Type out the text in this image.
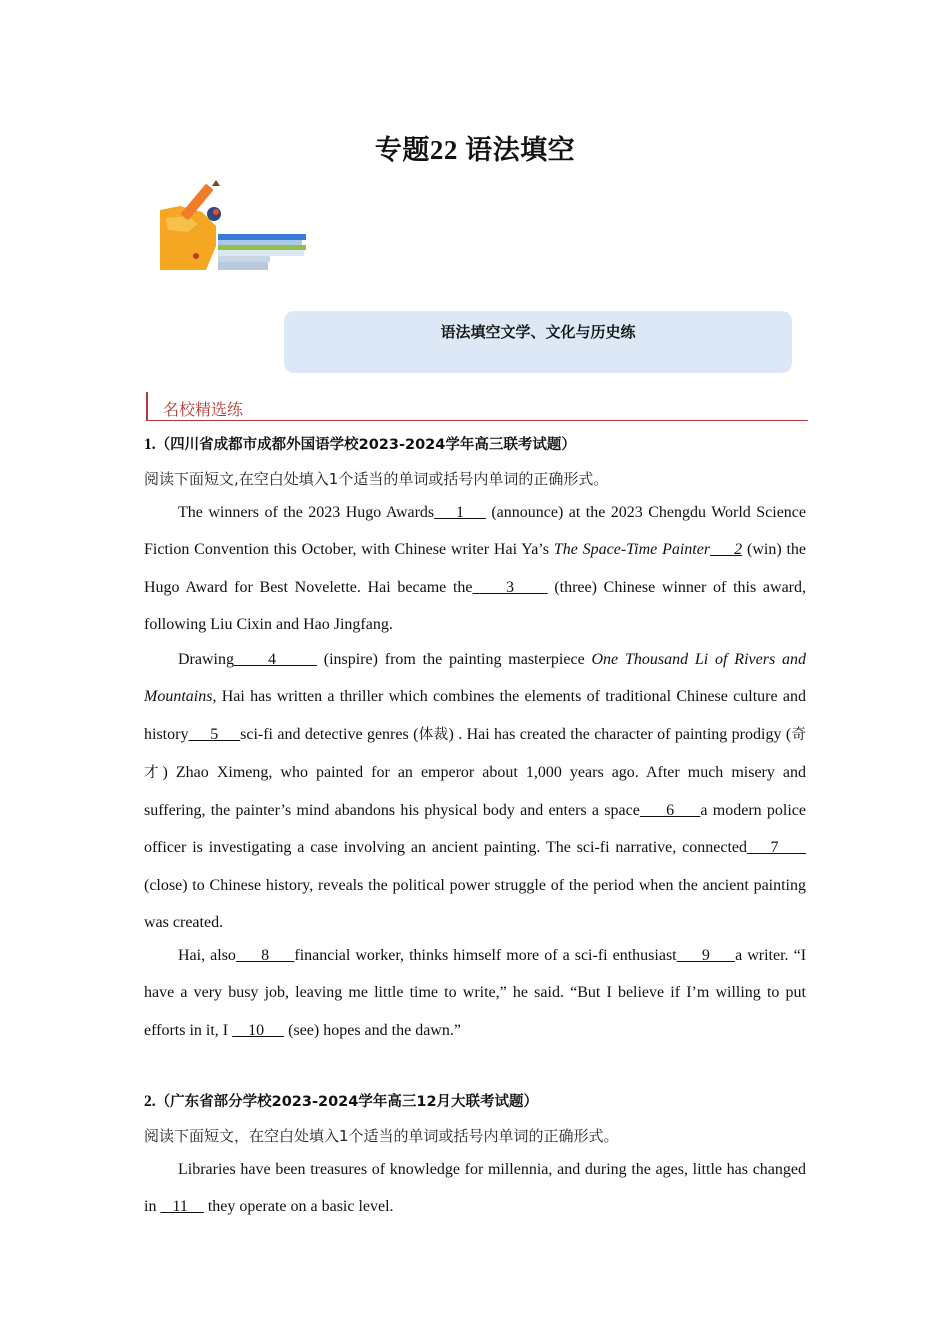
专题22 语法填空
语法填空文学、文化与历史练
名校精选练
1.（四川省成都市成都外国语学校2023-2024学年高三联考试题）
阅读下面短文,在空白处填入1个适当的单词或括号内单词的正确形式。

The winners of the 2023 Hugo Awards    1     (announce) at the 2023 Chengdu World Science Fiction Convention this October, with Chinese writer Hai Ya’s The Space-Time Painter     2 (win) the Hugo Award for Best Novelette. Hai became the     3      (three) Chinese winner of this award, following Liu Cixin and Hao Jingfang.

Drawing     4       (inspire) from the painting masterpiece One Thousand Li of Rivers and Mountains, Hai has written a thriller which combines the elements of traditional Chinese culture and history     5     sci-fi and detective genres (体裁) . Hai has created the character of painting prodigy (奇才) Zhao Ximeng, who painted for an emperor about 1,000 years ago. After much misery and suffering, the painter’s mind abandons his physical body and enters a space     6     a modern police officer is investigating a case involving an ancient painting. The sci-fi narrative, connected    7      (close) to Chinese history, reveals the political power struggle of the period when the ancient painting was created.

Hai, also     8     financial worker, thinks himself more of a sci-fi enthusiast     9     a writer. “I have a very busy job, leaving me little time to write,” he said. “But I believe if I’m willing to put efforts in it, I     10      (see) hopes and the dawn.”

2.（广东省部分学校2023-2024学年高三12月大联考试题）
阅读下面短文，在空白处填入1个适当的单词或括号内单词的正确形式。

Libraries have been treasures of knowledge for millennia, and during the ages, little has changed in    11     they operate on a basic level.
